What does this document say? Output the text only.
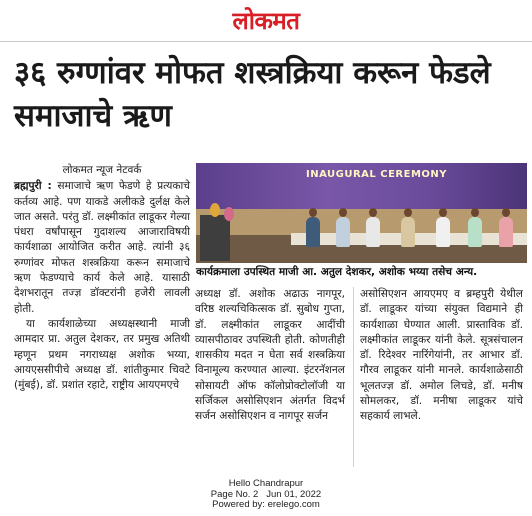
लोकमत
३६ रुग्णांवर मोफत शस्त्रक्रिया करून फेडले समाजाचे ऋण
लोकमत न्यूज नेटवर्क

ब्रह्मपुरी : समाजाचे ऋण फेडणे हे प्रत्यकाचे कर्तव्य आहे. पण याकडे अलीकडे दुर्लक्ष केले जात असते. परंतु डॉ. लक्ष्मीकांत लाडूकर गेल्या पंधरा वर्षांपासून गुदाशल्य आजाराविषयी कार्यशाळा आयोजित करीत आहे. त्यांनी ३६ रुग्णांवर मोफत शस्त्रक्रिया करून समाजाचे ऋण फेडण्याचे कार्य केले आहे. यासाठी देशभरातून तज्ज्ञ डॉक्टरांनी हजेरी लावली होती.

या कार्यशाळेच्या अध्यक्षस्थानी माजी आमदार प्रा. अतुल देशकर, तर प्रमुख अतिथी म्हणून प्रथम नगराध्यक्ष अशोक भय्या, आयएससीपीचे अध्यक्ष डॉ. शांतीकुमार चिवटे (मुंबई), डॉ. प्रशांत रहाटे, राष्ट्रीय आयएमएचे

INAUGURAL CEREMONY
कार्यक्रमाला उपस्थित माजी आ. अतुल देशकर, अशोक भय्या तसेच अन्य.

अध्यक्ष डॉ. अशोक अढाऊ नागपूर, वरिष्ठ शल्यचिकित्सक डॉ. सुबोध गुप्ता, डॉ. लक्ष्मीकांत लाडूकर आदींची व्यासपीठावर उपस्थिती होती. कोणतीही शासकीय मदत न घेता सर्व शस्त्रक्रिया विनामूल्य करण्यात आल्या. इंटरनॅशनल सोसायटी ऑफ कॉलोप्रोक्टोलॉजी या सर्जिकल असोसिएशन अंतर्गत विदर्भ सर्जन असोसिएशन व नागपूर सर्जन

असोसिएशन आयएमए व ब्रम्हपुरी येथील डॉ. लाडूकर यांच्या संयुक्त विद्यमाने ही कार्यशाळा घेण्यात आली. प्रास्ताविक डॉ. लक्ष्मीकांत लाडूकर यांनी केले. सूत्रसंचालन डॉ. रिदेश्वर नारिंगेयांनी, तर आभार डॉ. गौरव लाडूकर यांनी मानले. कार्यशाळेसाठी भूलतज्ज्ञ डॉ. अमोल लिचडे, डॉ. मनीष सोमलकर, डॉ. मनीषा लाडूकर यांचे सहकार्य लाभले.

Hello Chandrapur
Page No. 2   Jun 01, 2022
Powered by: erelego.com
